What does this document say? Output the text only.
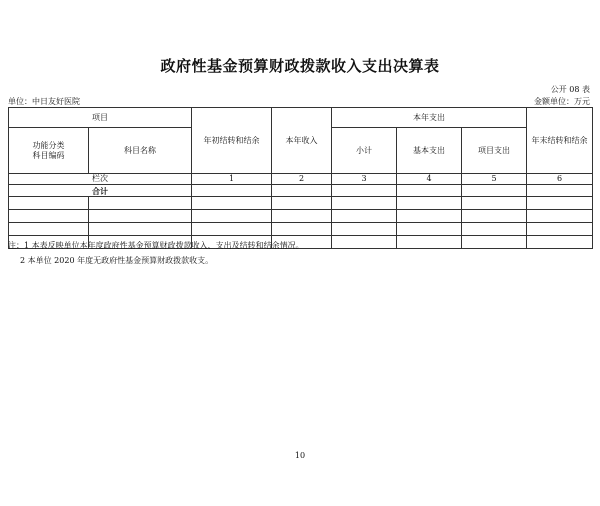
政府性基金预算财政拨款收入支出决算表
公开 08 表
单位：中日友好医院	金额单位：万元
项目		年初结转和结余	本年收入	本年支出			年末结转和结余

功能分类
科目编码	科目名称			小计	基本支出	项目支出	
栏次		1	2	3	4	5	6
合计							

注：1 本表反映单位本年度政府性基金预算财政拨款收入、支出及结转和结余情况。
2 本单位 2020 年度无政府性基金预算财政拨款收支。
10
